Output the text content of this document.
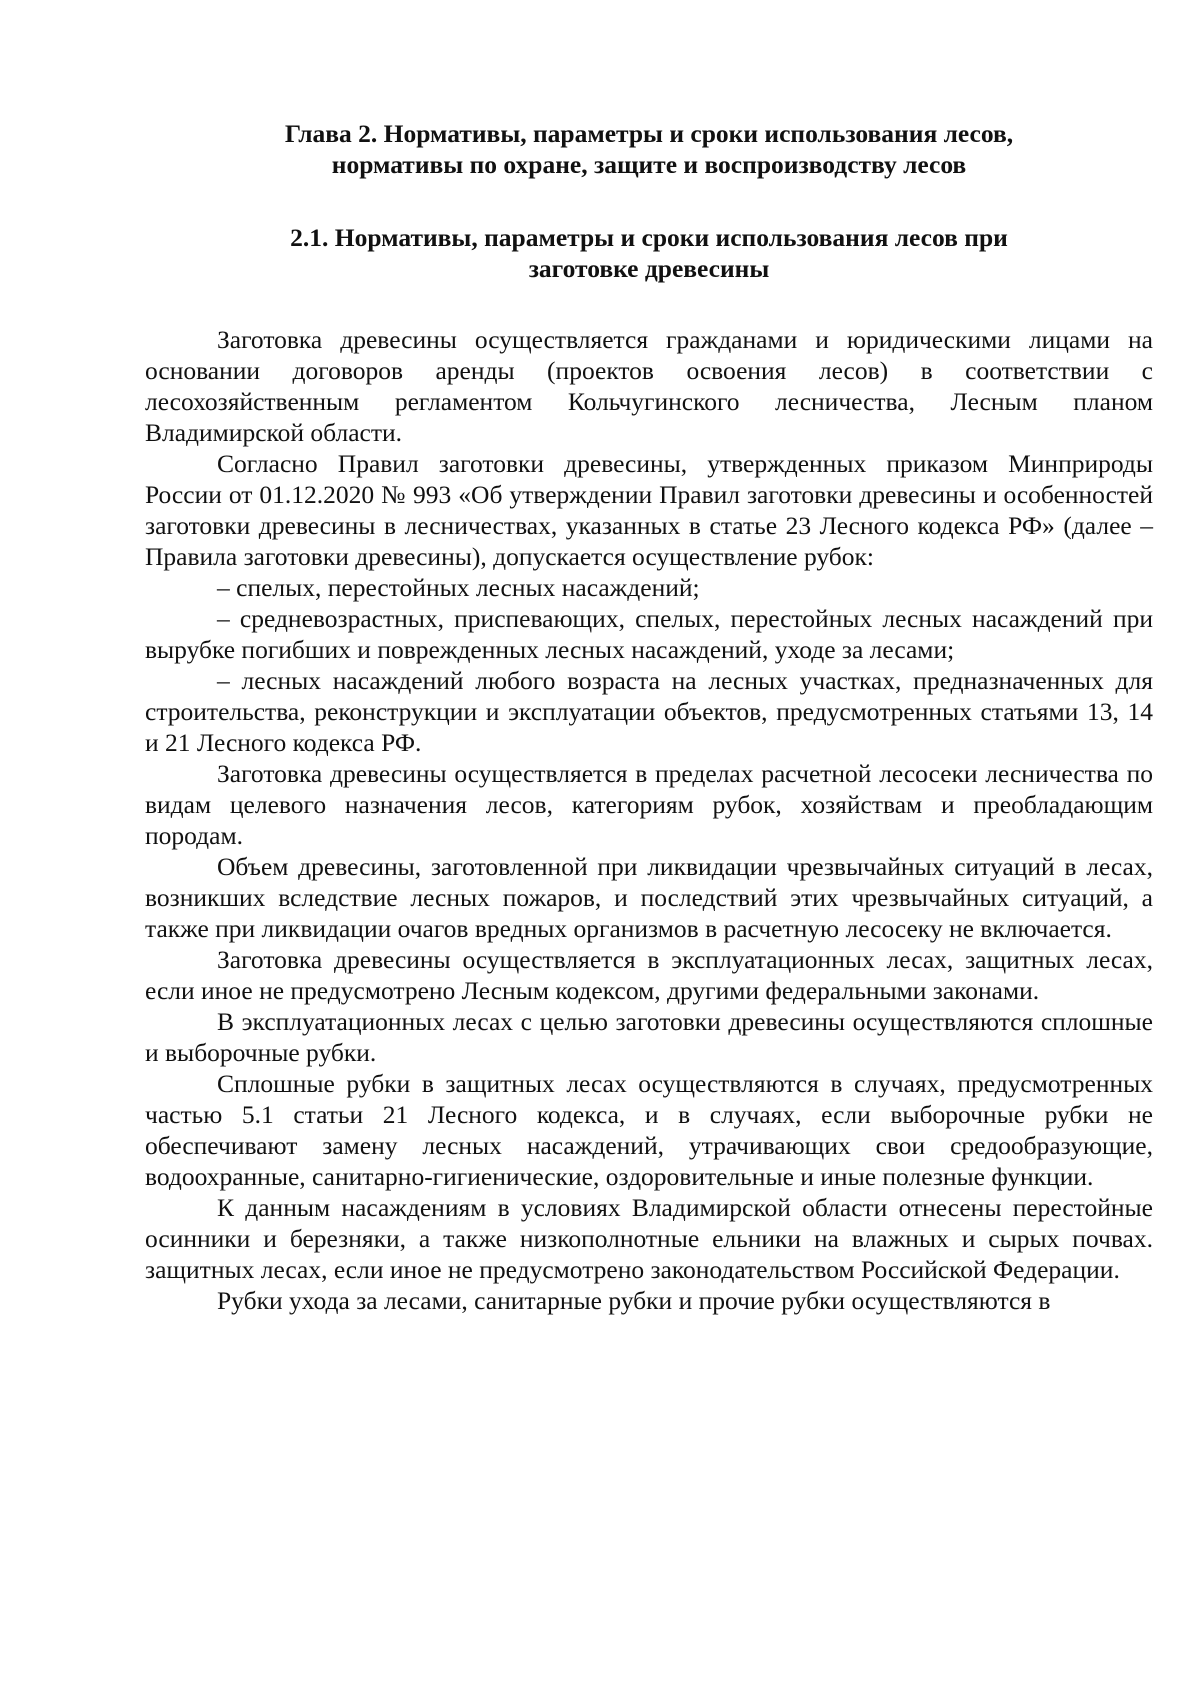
Глава 2. Нормативы, параметры и сроки использования лесов,
нормативы по охране, защите и воспроизводству лесов
2.1. Нормативы, параметры и сроки использования лесов при
заготовке древесины

Заготовка древесины осуществляется гражданами и юридическими лицами на основании договоров аренды (проектов освоения лесов) в соответствии с лесохозяйственным регламентом Кольчугинского лесничества, Лесным планом Владимирской области.

Согласно Правил заготовки древесины, утвержденных приказом Минприроды России от 01.12.2020 № 993 «Об утверждении Правил заготовки древесины и особенностей заготовки древесины в лесничествах, указанных в статье 23 Лесного кодекса РФ» (далее – Правила заготовки древесины), допускается осуществление рубок:

– спелых, перестойных лесных насаждений;

– средневозрастных, приспевающих, спелых, перестойных лесных насаждений при вырубке погибших и поврежденных лесных насаждений, уходе за лесами;

– лесных насаждений любого возраста на лесных участках, предназначенных для строительства, реконструкции и эксплуатации объектов, предусмотренных статьями 13, 14 и 21 Лесного кодекса РФ.

Заготовка древесины осуществляется в пределах расчетной лесосеки лесничества по видам целевого назначения лесов, категориям рубок, хозяйствам и преобладающим породам.

Объем древесины, заготовленной при ликвидации чрезвычайных ситуаций в лесах, возникших вследствие лесных пожаров, и последствий этих чрезвычайных ситуаций, а также при ликвидации очагов вредных организмов в расчетную лесосеку не включается.

Заготовка древесины осуществляется в эксплуатационных лесах, защитных лесах, если иное не предусмотрено Лесным кодексом, другими федеральными законами.

В эксплуатационных лесах с целью заготовки древесины осуществляются сплошные и выборочные рубки.

Сплошные рубки в защитных лесах осуществляются в случаях, предусмотренных частью 5.1 статьи 21 Лесного кодекса, и в случаях, если выборочные рубки не обеспечивают замену лесных насаждений, утрачивающих свои средообразующие, водоохранные, санитарно-гигиенические, оздоровительные и иные полезные функции.

К данным насаждениям в условиях Владимирской области отнесены перестойные осинники и березняки, а также низкополнотные ельники на влажных и сырых почвах. защитных лесах, если иное не предусмотрено законодательством Российской Федерации.

Рубки ухода за лесами, санитарные рубки и прочие рубки осуществляются в
